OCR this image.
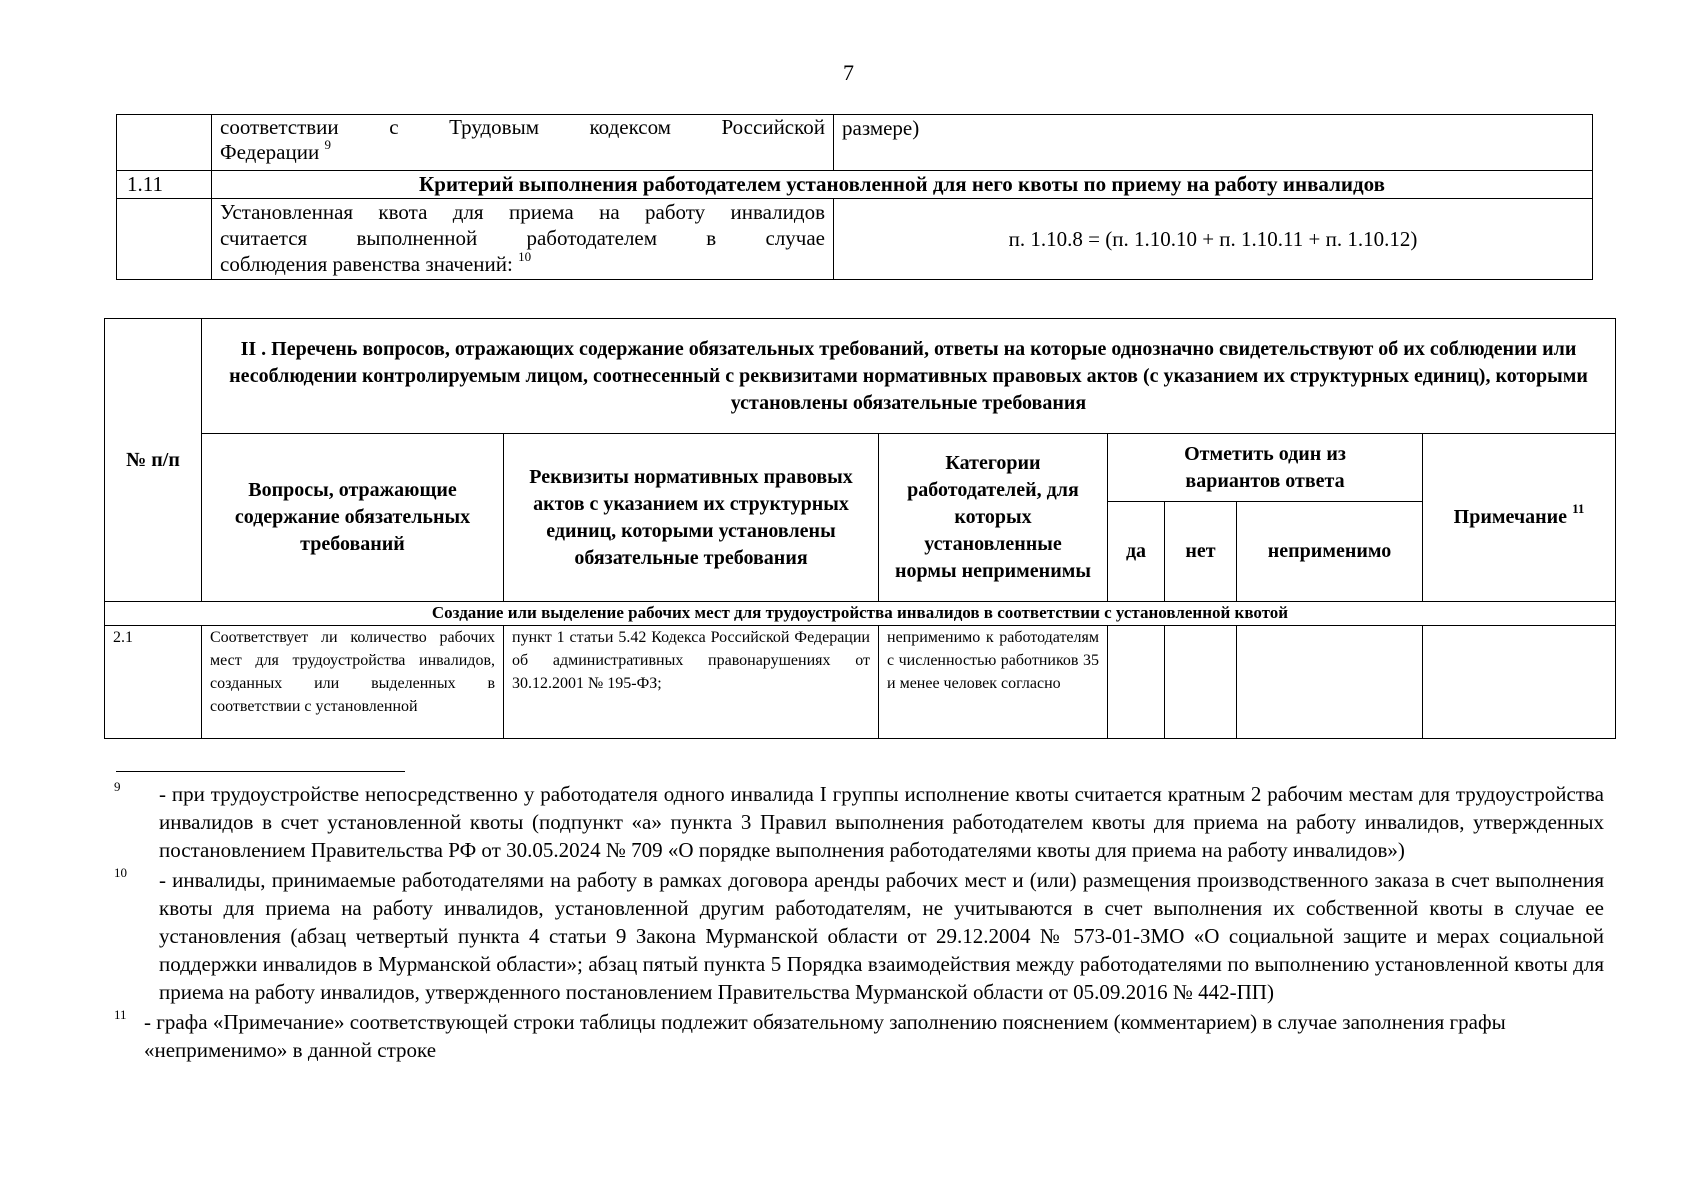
7

	соответствии с Трудовым кодексом Российской
Федерации $^9$	размере)
1.11	Критерий выполнения работодателем установленной для него квоты по приему на работу инвалидов	

	Установленная квота для приема на работу инвалидов
считается выполненной работодателем в случае
соблюдения равенства значений: $^{10}$	п. 1.10.8 = (п. 1.10.10 + п. 1.10.11 + п. 1.10.12)
№ п/п	II . Перечень вопросов, отражающих содержание обязательных требований, ответы на которые однозначно свидетельствуют об их соблюдении или несоблюдении контролируемым лицом, соотнесенный с реквизитами нормативных правовых актов (с указанием их структурных единиц), которыми установлены обязательные требования						
	Вопросы, отражающие содержание обязательных требований	Реквизиты нормативных правовых актов с указанием их структурных единиц, которыми установлены обязательные требования	Категории работодателей, для которых установленные нормы неприменимы	Отметить один из вариантов ответа			Примечание $^{11}$
				да	нет	неприменимо	
Создание или выделение рабочих мест для трудоустройства инвалидов в соответствии с установленной квотой							
2.1	Соответствует ли количество рабочих мест для трудоустройства инвалидов, созданных или выделенных в соответствии с установленной	пункт 1 статьи 5.42 Кодекса Российской Федерации об административных правонарушениях от 30.12.2001 № 195-ФЗ;	неприменимо к работодателям с численностью работников 35 и менее человек согласно				
$^9$ - при трудоустройстве непосредственно у работодателя одного инвалида I группы исполнение квоты считается кратным 2 рабочим местам для трудоустройства инвалидов в счет установленной квоты (подпункт «а» пункта 3 Правил выполнения работодателем квоты для приема на работу инвалидов, утвержденных постановлением Правительства РФ от 30.05.2024 № 709 «О порядке выполнения работодателями квоты для приема на работу инвалидов»)
$^{10}$ - инвалиды, принимаемые работодателями на работу в рамках договора аренды рабочих мест и (или) размещения производственного заказа в счет выполнения квоты для приема на работу инвалидов, установленной другим работодателям, не учитываются в счет выполнения их собственной квоты в случае ее установления (абзац четвертый пункта 4 статьи 9 Закона Мурманской области от 29.12.2004 № 573-01-ЗМО «О социальной защите и мерах социальной поддержки инвалидов в Мурманской области»; абзац пятый пункта 5 Порядка взаимодействия между работодателями по выполнению установленной квоты для приема на работу инвалидов, утвержденного постановлением Правительства Мурманской области от 05.09.2016 № 442-ПП)
$^{11}$ - графа «Примечание» соответствующей строки таблицы подлежит обязательному заполнению пояснением (комментарием) в случае заполнения графы «неприменимо» в данной строке
